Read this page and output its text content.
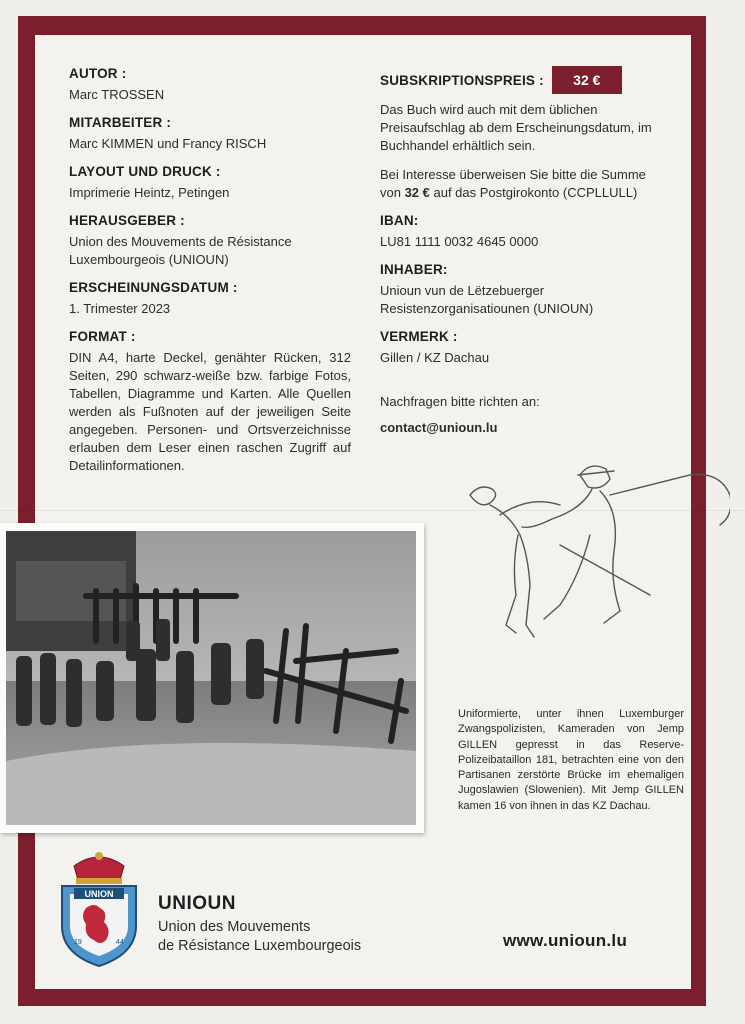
AUTOR :
Marc TROSSEN
MITARBEITER :
Marc KIMMEN und Francy RISCH
LAYOUT UND DRUCK :
Imprimerie Heintz, Petingen
HERAUSGEBER :
Union des Mouvements de Résistance
Luxembourgeois (UNIOUN)
ERSCHEINUNGSDATUM :
1. Trimester 2023
FORMAT :
DIN A4, harte Deckel, genähter Rücken, 312 Seiten, 290 schwarz-weiße bzw. farbige Fotos, Tabellen, Diagramme und Karten. Alle Quellen werden als Fußnoten auf der jeweiligen Seite angegeben. Personen- und Ortsverzeichnisse erlauben dem Leser einen raschen Zugriff auf Detailinformationen.
SUBSKRIPTIONSPREIS :	32 €
Das Buch wird auch mit dem üblichen Preisaufschlag ab dem Erscheinungsdatum, im Buchhandel erhältlich sein.
Bei Interesse überweisen Sie bitte die Summe von 32 € auf das Postgirokonto (CCPLLULL)
IBAN:
LU81 1111 0032 4645 0000
INHABER:
Unioun vun de Lëtzebuerger
Resistenzorganisatiounen (UNIOUN)
VERMERK :
Gillen / KZ Dachau
Nachfragen bitte richten an:
contact@unioun.lu
Uniformierte, unter ihnen Luxemburger Zwangspolizisten, Kameraden von Jemp GILLEN gepresst in das Reserve-Polizeibataillon 181, betrachten eine von den Partisanen zerstörte Brücke im ehemaligen Jugoslawien (Slowenien). Mit Jemp GILLEN kamen 16 von ihnen in das KZ Dachau.
UNION
19	44
UNIOUN
Union des Mouvements
de Résistance Luxembourgeois	www.unioun.lu
